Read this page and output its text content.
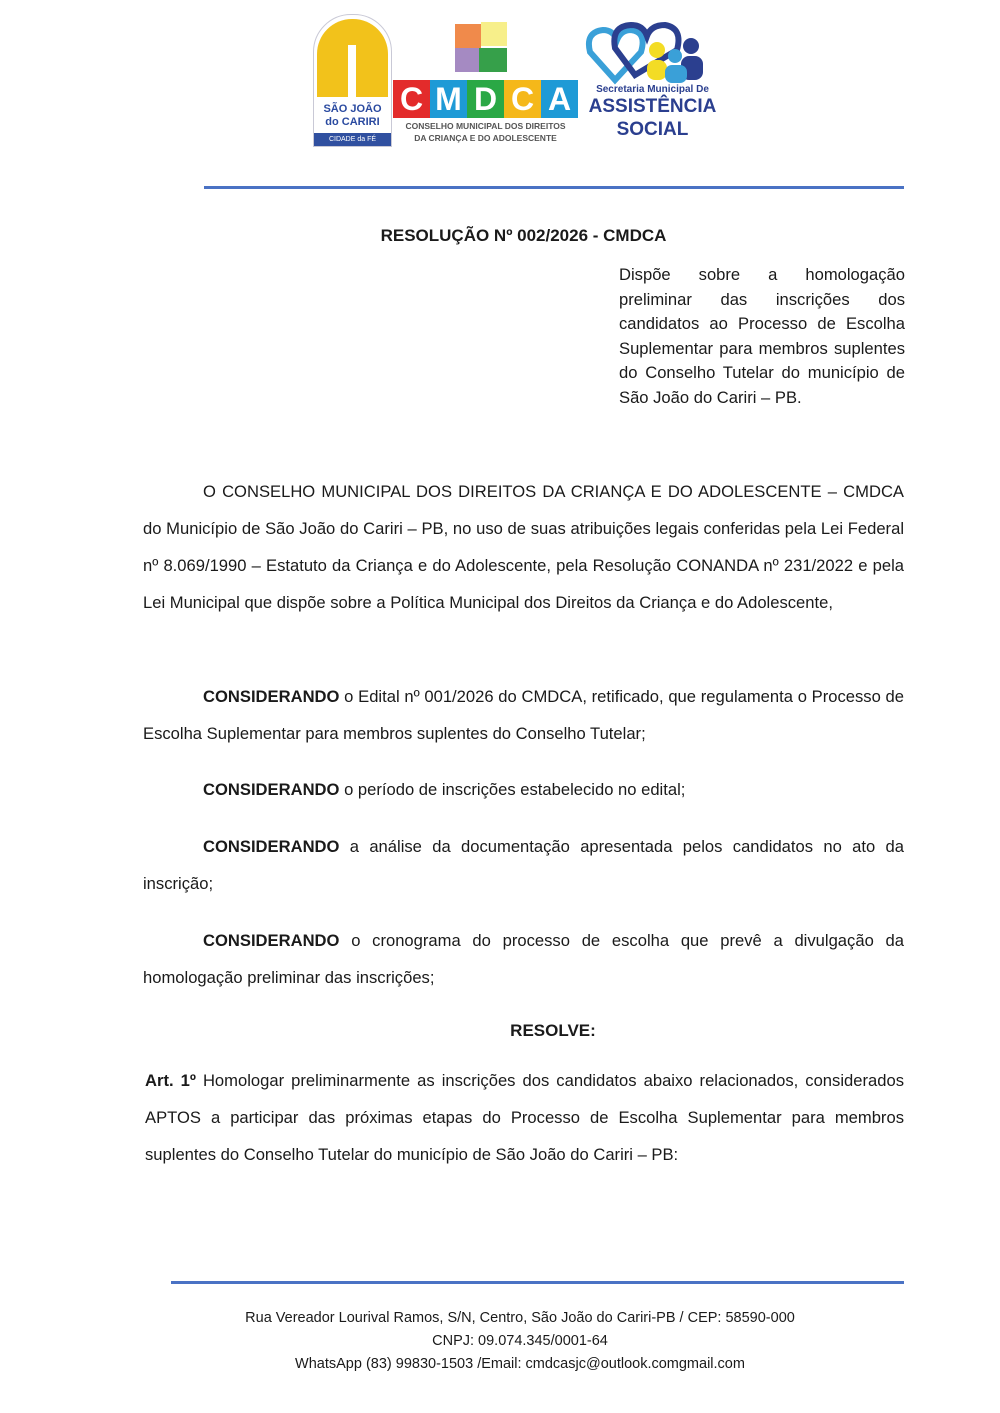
SÃO JOÃO
do CARIRI
CIDADE da FÉ
C M D C A
CONSELHO MUNICIPAL DOS DIREITOS
DA CRIANÇA E DO ADOLESCENTE
Secretaria Municipal De
ASSISTÊNCIA
SOCIAL
RESOLUÇÃO Nº 002/2026 - CMDCA
Dispõe sobre a homologação preliminar das inscrições dos candidatos ao Processo de Escolha Suplementar para membros suplentes do Conselho Tutelar do município de São João do Cariri – PB.
O CONSELHO MUNICIPAL DOS DIREITOS DA CRIANÇA E DO ADOLESCENTE – CMDCA do Município de São João do Cariri – PB, no uso de suas atribuições legais conferidas pela Lei Federal nº 8.069/1990 – Estatuto da Criança e do Adolescente, pela Resolução CONANDA nº 231/2022 e pela Lei Municipal que dispõe sobre a Política Municipal dos Direitos da Criança e do Adolescente,
CONSIDERANDO o Edital nº 001/2026 do CMDCA, retificado, que regulamenta o Processo de Escolha Suplementar para membros suplentes do Conselho Tutelar;
CONSIDERANDO o período de inscrições estabelecido no edital;
CONSIDERANDO a análise da documentação apresentada pelos candidatos no ato da inscrição;
CONSIDERANDO o cronograma do processo de escolha que prevê a divulgação da homologação preliminar das inscrições;
RESOLVE:
Art. 1º Homologar preliminarmente as inscrições dos candidatos abaixo relacionados, considerados APTOS a participar das próximas etapas do Processo de Escolha Suplementar para membros suplentes do Conselho Tutelar do município de São João do Cariri – PB:
Rua Vereador Lourival Ramos, S/N, Centro, São João do Cariri-PB / CEP: 58590-000
CNPJ: 09.074.345/0001-64
WhatsApp (83) 99830-1503 /Email: cmdcasjc@outlook.comgmail.com
